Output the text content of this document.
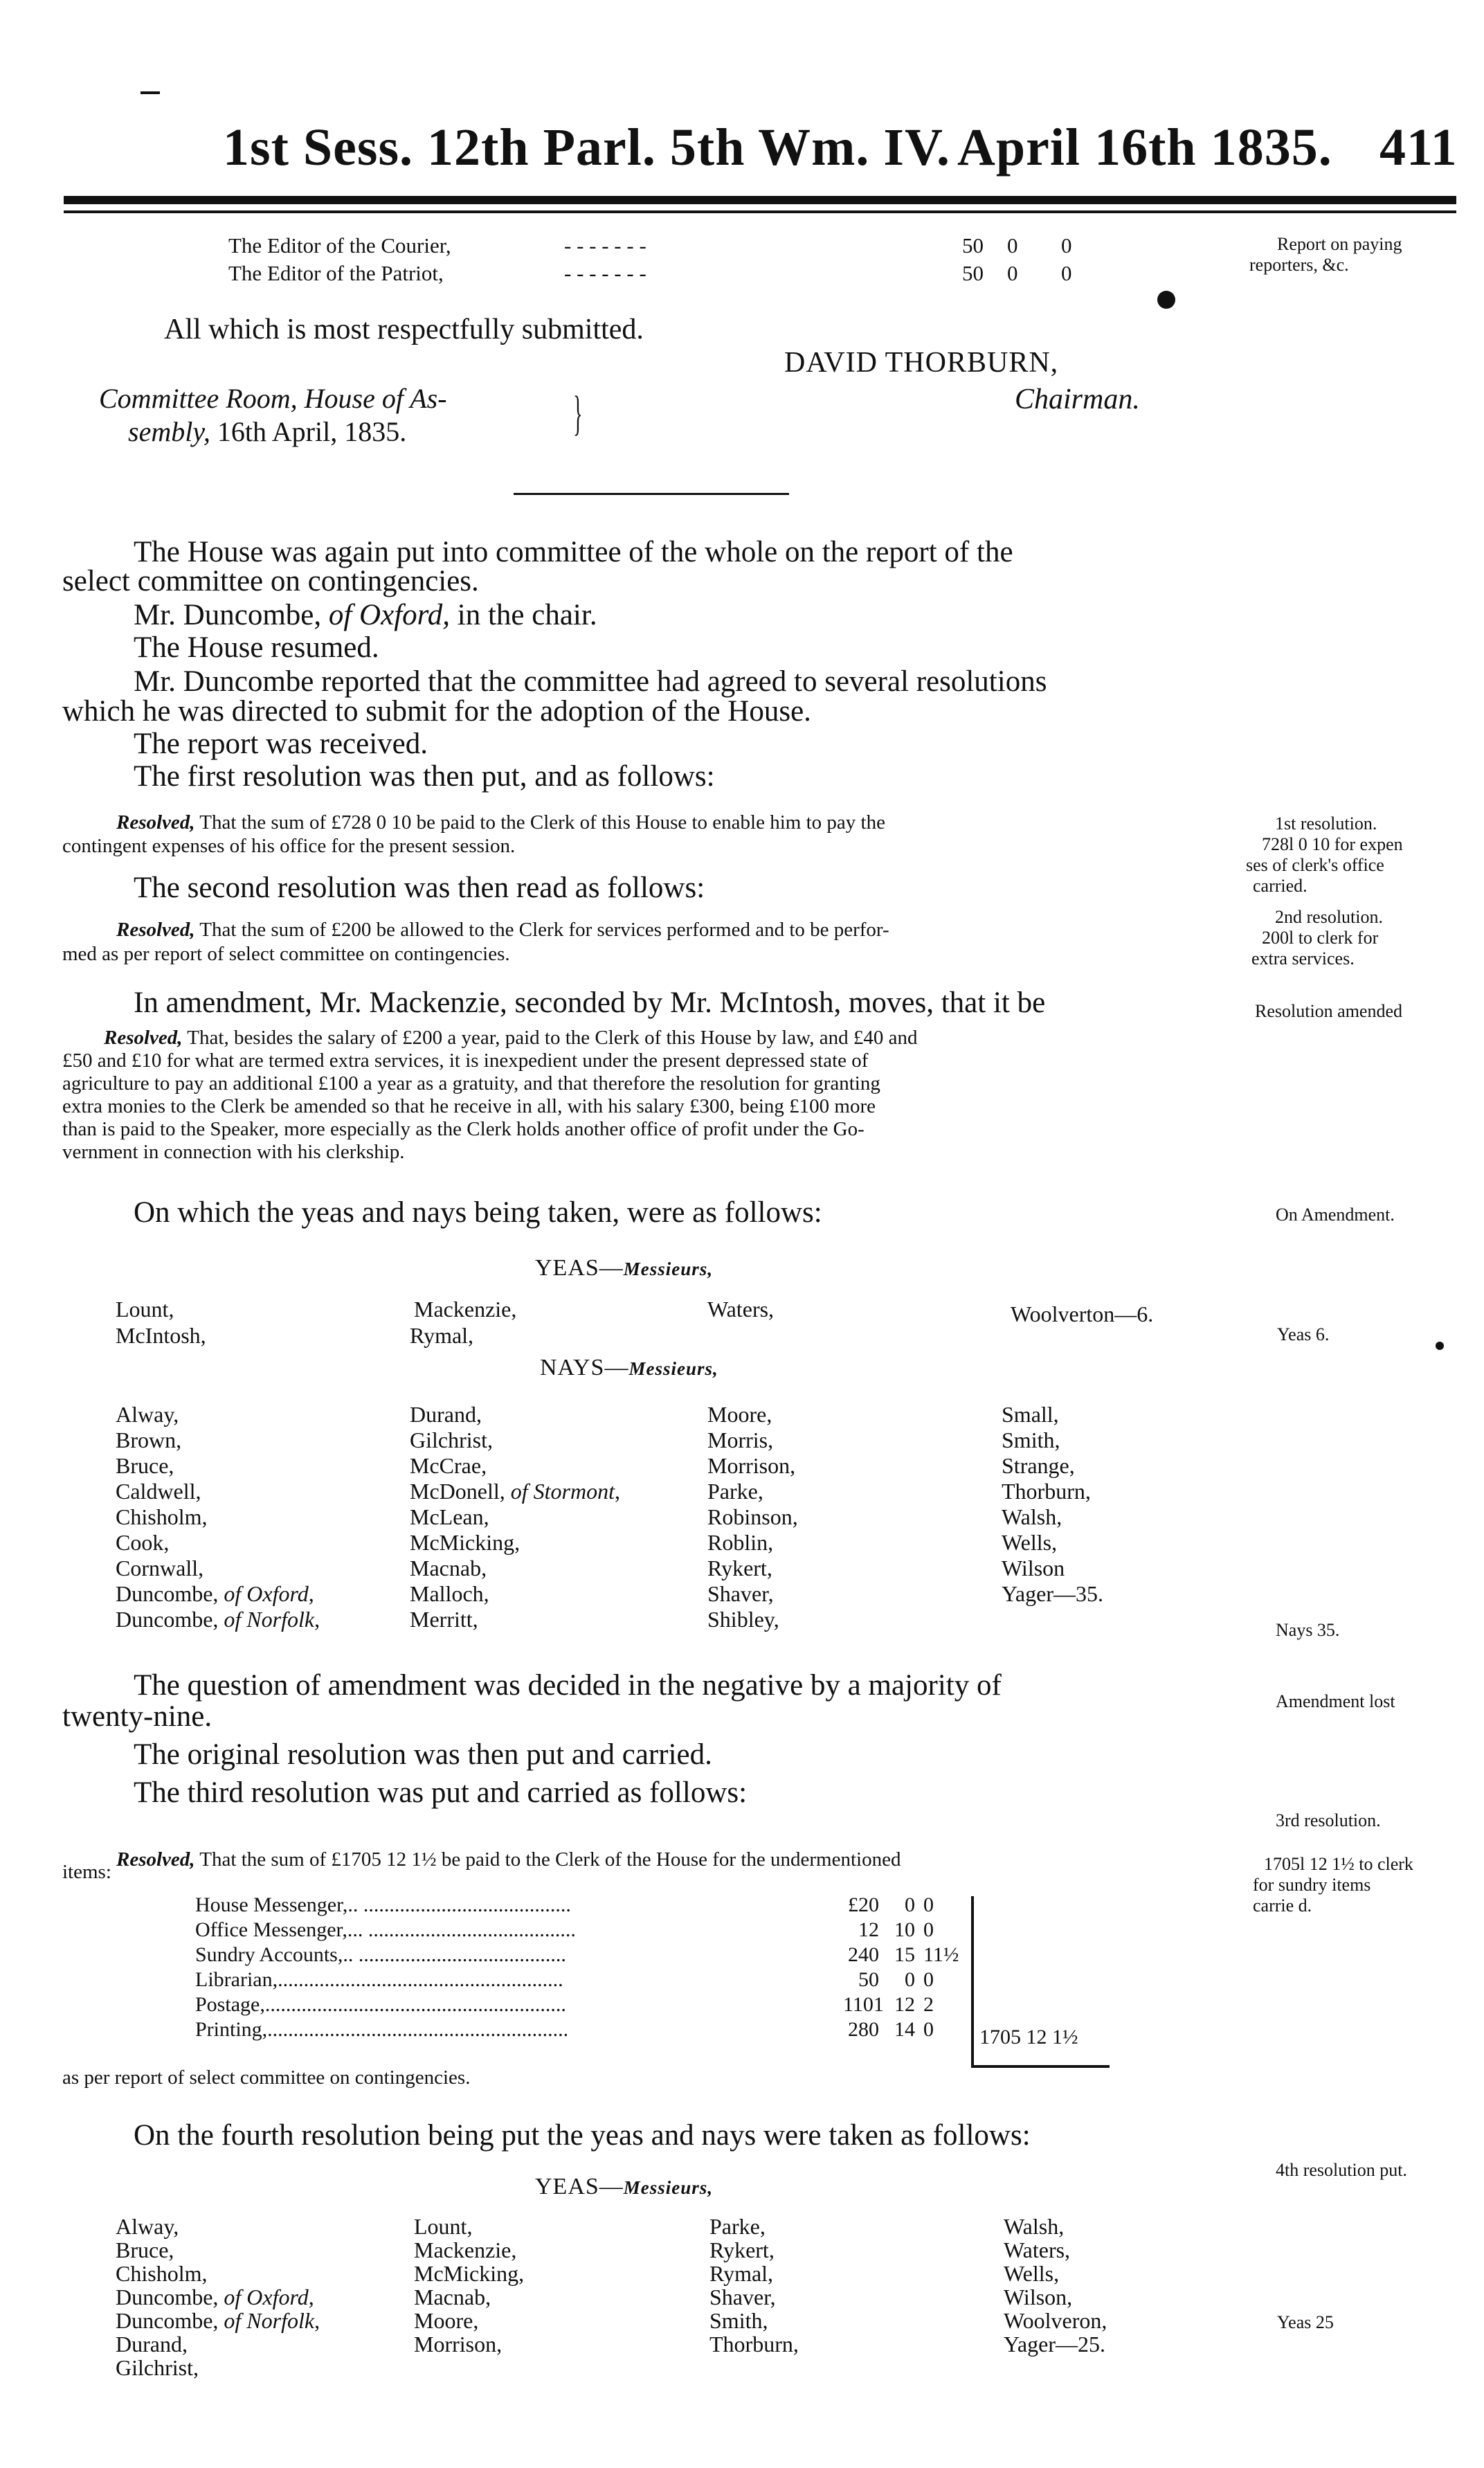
1st Sess. 12th Parl. 5th Wm. IV. April 16th 1835. 411
The Editor of the Courier,	- - - - - - -	50 0 0
The Editor of the Patriot,	- - - - - - -	50 0 0
Report on paying
reporters, &c.
All which is most respectfully submitted.
DAVID THORBURN,
Chairman.
Committee Room, House of As-
sembly, 16th April, 1835.	}
The House was again put into committee of the whole on the report of the
select committee on contingencies.
Mr. Duncombe, of Oxford, in the chair.
The House resumed.
Mr. Duncombe reported that the committee had agreed to several resolutions
which he was directed to submit for the adoption of the House.
The report was received.
The first resolution was then put, and as follows:
Resolved, That the sum of £728 0 10 be paid to the Clerk of this House to enable him to pay the
contingent expenses of his office for the present session.
1st resolution.
728l 0 10 for expen
ses of clerk's office
carried.
The second resolution was then read as follows:
Resolved, That the sum of £200 be allowed to the Clerk for services performed and to be perfor-
med as per report of select committee on contingencies.
2nd resolution.
200l to clerk for
extra services.
In amendment, Mr. Mackenzie, seconded by Mr. McIntosh, moves, that it be	Resolution amended
Resolved, That, besides the salary of £200 a year, paid to the Clerk of this House by law, and £40 and
£50 and £10 for what are termed extra services, it is inexpedient under the present depressed state of
agriculture to pay an additional £100 a year as a gratuity, and that therefore the resolution for granting
extra monies to the Clerk be amended so that he receive in all, with his salary £300, being £100 more
than is paid to the Speaker, more especially as the Clerk holds another office of profit under the Go-
vernment in connection with his clerkship.
On which the yeas and nays being taken, were as follows:	On Amendment.
YEAS—Messieurs,
Lount,	Mackenzie,	Waters,	Woolverton—6.
McIntosh,	Rymal,	Yeas 6.
NAYS—Messieurs,
Alway,	Durand,	Moore,	Small,
Brown,	Gilchrist,	Morris,	Smith,
Bruce,	McCrae,	Morrison,	Strange,
Caldwell,	McDonell, of Stormont,	Parke,	Thorburn,
Chisholm,	McLean,	Robinson,	Walsh,
Cook,	McMicking,	Roblin,	Wells,
Cornwall,	Macnab,	Rykert,	Wilson
Duncombe, of Oxford,	Malloch,	Shaver,	Yager—35.
Duncombe, of Norfolk,	Merritt,	Shibley,	Nays 35.
The question of amendment was decided in the negative by a majority of
twenty-nine.	Amendment lost
The original resolution was then put and carried.
The third resolution was put and carried as follows:
3rd resolution.
Resolved, That the sum of £1705 12 1½ be paid to the Clerk of the House for the undermentioned
items:	1705l 12 1½ to clerk
for sundry items
carrie d.
House Messenger,.. ........................................	£20	0 0
Office Messenger,... ........................................	12 10 0
Sundry Accounts,.. ........................................	240 15 11½
Librarian,.......................................................	50	0 0
Postage,..........................................................	1101 12 2
Printing,..........................................................	280 14 0	1705 12 1½
as per report of select committee on contingencies.
On the fourth resolution being put the yeas and nays were taken as follows:
4th resolution put.
YEAS—Messieurs,
Alway,	Lount,	Parke,	Walsh,
Bruce,	Mackenzie,	Rykert,	Waters,
Chisholm,	McMicking,	Rymal,	Wells,
Duncombe, of Oxford,	Macnab,	Shaver,	Wilson,
Duncombe, of Norfolk,	Moore,	Smith,	Woolveron,
Durand,	Morrison,	Thorburn,	Yager—25.
Gilchrist,
Yeas 25
